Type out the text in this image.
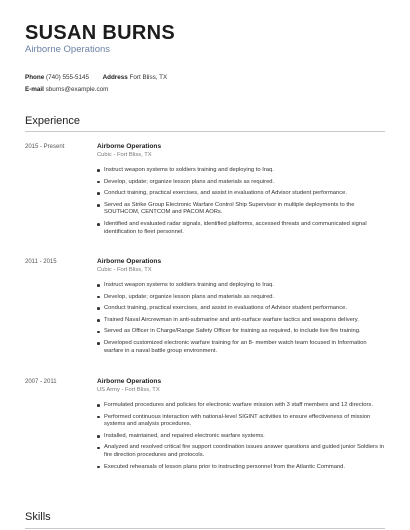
SUSAN BURNS
Airborne Operations
Phone (740) 555-5145 Address Fort Bliss, TX
E-mail sburns@example.com
Experience
2015 - Present	Airborne Operations
Cubic - Fort Bliss, TX
Instruct weapon systems to soldiers training and deploying to Iraq.
Develop, update; organize lesson plans and materials as required.
Conduct training, practical exercises, and assist in evaluations of Advisor student performance.
Served as Strike Group Electronic Warfare Control Ship Supervisor in multiple deployments to the SOUTHCOM, CENTCOM and PACOM AORs.
Identified and evaluated radar signals, identified platforms, accessed threats and communicated signal identification to fleet personnel.
2011 - 2015	Airborne Operations
Cubic - Fort Bliss, TX
Instruct weapon systems to soldiers training and deploying to Iraq.
Develop, update; organize lesson plans and materials as required.
Conduct training, practical exercises, and assist in evaluations of Advisor student performance.
Trained Naval Aircrewman in anti-submarine and anti-surface warfare tactics and weapons delivery.
Served as Officer in Charge/Range Safety Officer for training as required, to include live fire training.
Developed customized electronic warfare training for an 8- member watch team focused in Information warfare in a naval battle group environment.
2007 - 2011	Airborne Operations
US Army - Fort Bliss, TX
Formulated procedures and policies for electronic warfare mission with 3 staff members and 12 directors.
Performed continuous interaction with national-level SIGINT activities to ensure effectiveness of mission systems and analysis procedures.
Installed, maintained, and repaired electronic warfare systems.
Analyzed and resolved critical fire support coordination issues answer questions and guided junior Soldiers in fire direction procedures and protocols.
Executed rehearsals of lesson plans prior to instructing personnel from the Atlantic Command.
Skills
